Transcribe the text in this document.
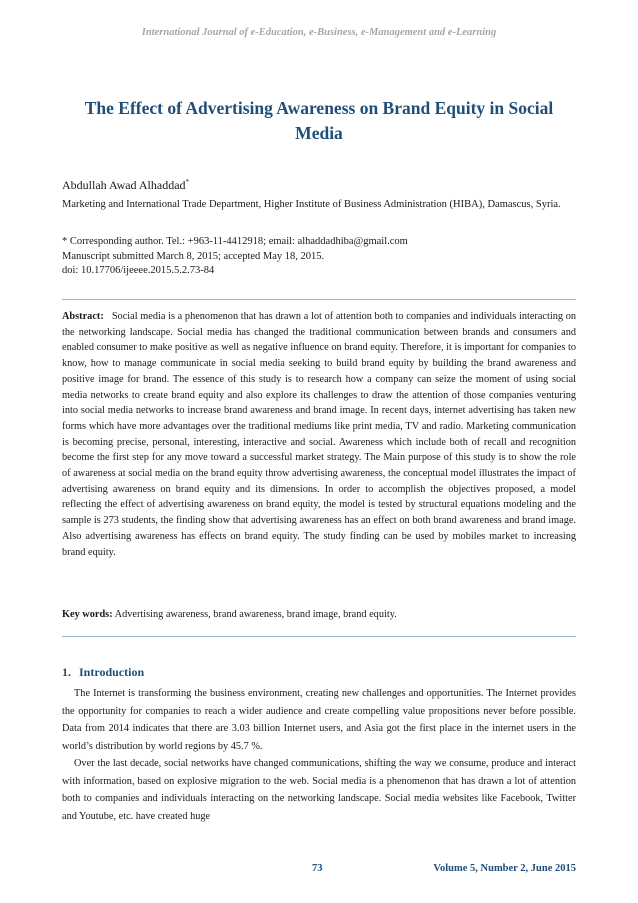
International Journal of e-Education, e-Business, e-Management and e-Learning
The Effect of Advertising Awareness on Brand Equity in Social Media
Abdullah Awad Alhaddad*
Marketing and International Trade Department, Higher Institute of Business Administration (HIBA), Damascus, Syria.
* Corresponding author. Tel.: +963-11-4412918; email: alhaddadhiba@gmail.com
Manuscript submitted March 8, 2015; accepted May 18, 2015.
doi: 10.17706/ijeeee.2015.5.2.73-84
Abstract: Social media is a phenomenon that has drawn a lot of attention both to companies and individuals interacting on the networking landscape. Social media has changed the traditional communication between brands and consumers and enabled consumer to make positive as well as negative influence on brand equity. Therefore, it is important for companies to know, how to manage communicate in social media seeking to build brand equity by building the brand awareness and positive image for brand. The essence of this study is to research how a company can seize the moment of using social media networks to create brand equity and also explore its challenges to draw the attention of those companies venturing into social media networks to increase brand awareness and brand image. In recent days, internet advertising has taken new forms which have more advantages over the traditional mediums like print media, TV and radio. Marketing communication is becoming precise, personal, interesting, interactive and social. Awareness which include both of recall and recognition become the first step for any move toward a successful market strategy. The Main purpose of this study is to show the role of awareness at social media on the brand equity throw advertising awareness, the conceptual model illustrates the impact of advertising awareness on brand equity and its dimensions. In order to accomplish the objectives proposed, a model reflecting the effect of advertising awareness on brand equity, the model is tested by structural equations modeling and the sample is 273 students, the finding show that advertising awareness has an effect on both brand awareness and brand image. Also advertising awareness has effects on brand equity. The study finding can be used by mobiles market to increasing brand equity.
Key words: Advertising awareness, brand awareness, brand image, brand equity.
1. Introduction

The Internet is transforming the business environment, creating new challenges and opportunities. The Internet provides the opportunity for companies to reach a wider audience and create compelling value propositions never before possible. Data from 2014 indicates that there are 3.03 billion Internet users, and Asia got the first place in the internet users in the world’s distribution by world regions by 45.7 %.

Over the last decade, social networks have changed communications, shifting the way we consume, produce and interact with information, based on explosive migration to the web. Social media is a phenomenon that has drawn a lot of attention both to companies and individuals interacting on the networking landscape. Social media websites like Facebook, Twitter and Youtube, etc. have created huge

73	Volume 5, Number 2, June 2015
